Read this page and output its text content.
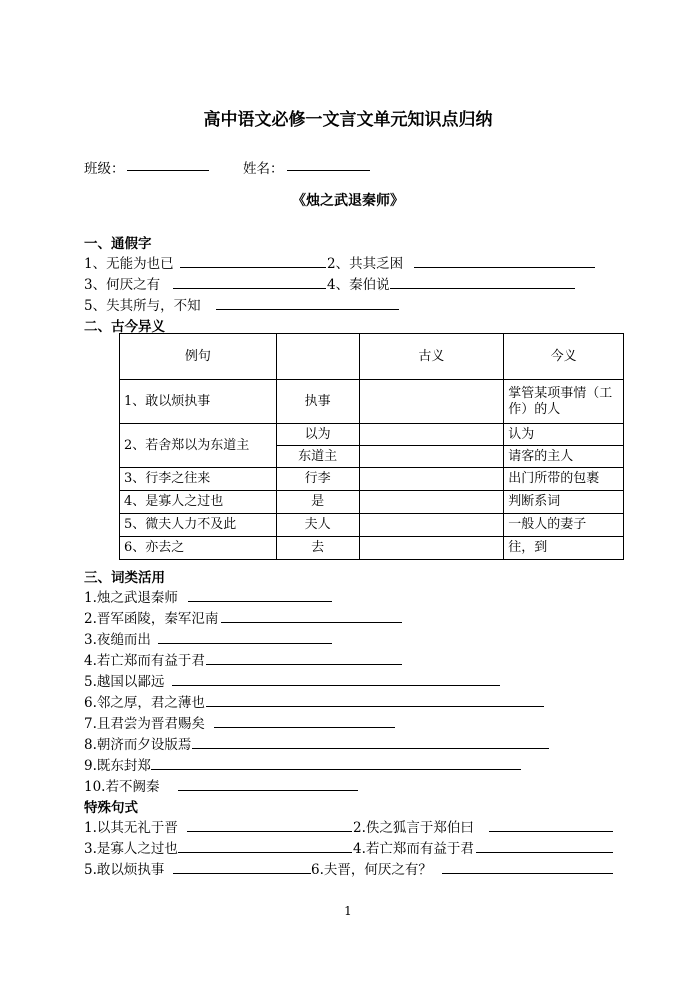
高中语文必修一文言文单元知识点归纳
班级：	姓名：
《烛之武退秦师》
一、通假字
1、无能为也已	2、共其乏困
3、何厌之有	4、秦伯说
5、失其所与，不知
二、古今异义
例句		古义	今义
1、敢以烦执事	执事		掌管某项事情（工作）的人
2、若舍郑以为东道主	以为		认为
	东道主		请客的主人
3、行李之往来	行李		出门所带的包裹
4、是寡人之过也	是		判断系词
5、微夫人力不及此	夫人		一般人的妻子
6、亦去之	去		往，到
三、词类活用
1.烛之武退秦师
2.晋军函陵，秦军氾南
3.夜缒而出
4.若亡郑而有益于君
5.越国以鄙远
6.邻之厚，君之薄也
7.且君尝为晋君赐矣
8.朝济而夕设版焉
9.既东封郑
10.若不阙秦
特殊句式
1.以其无礼于晋	2.佚之狐言于郑伯曰
3.是寡人之过也	4.若亡郑而有益于君
5.敢以烦执事	6.夫晋，何厌之有？
1
